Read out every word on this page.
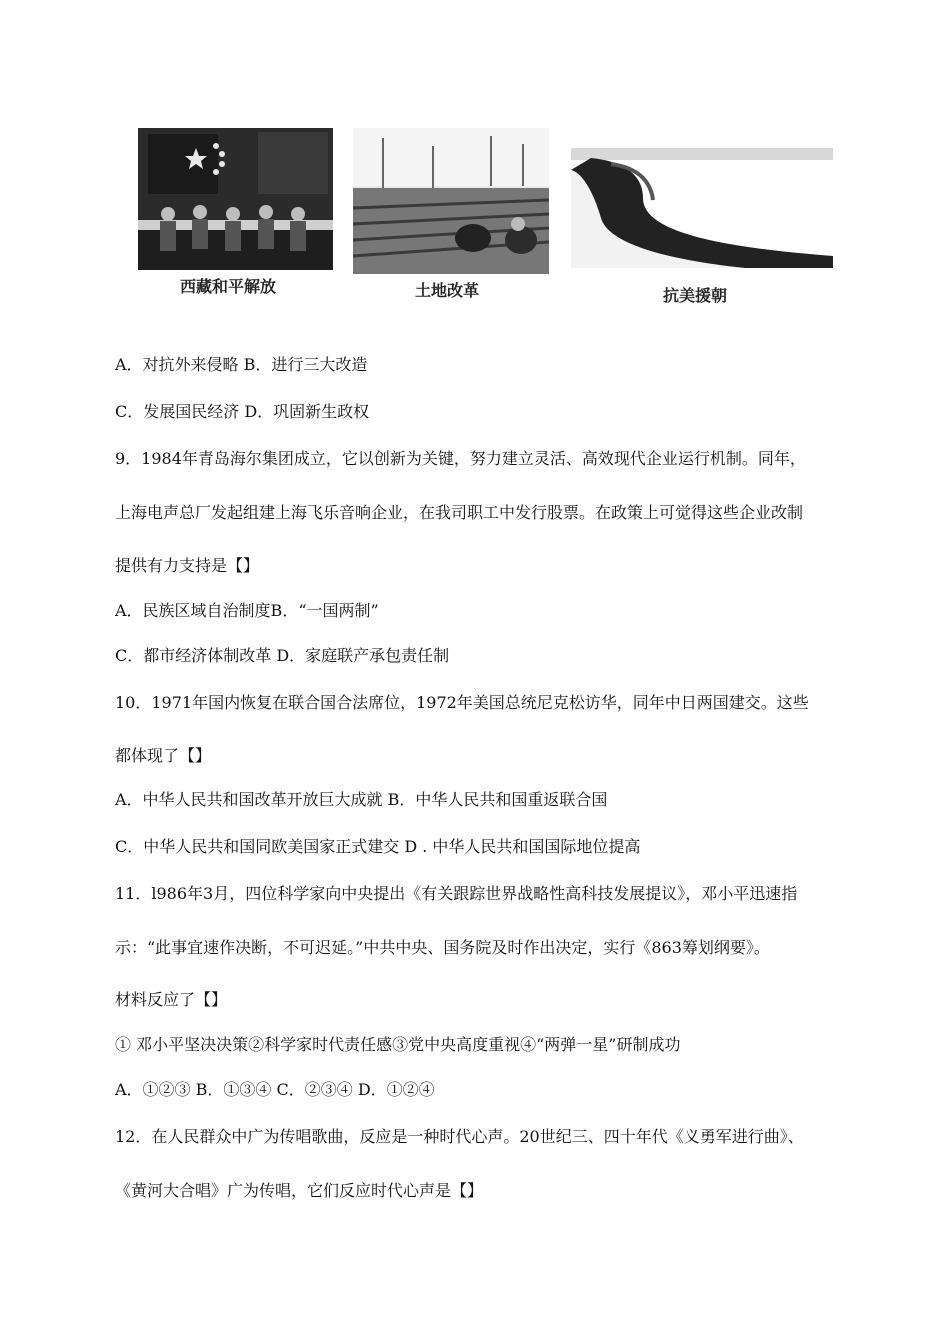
西藏和平解放	土地改革	抗美援朝
A．对抗外来侵略 B．进行三大改造
C．发展国民经济 D．巩固新生政权
9．1984年青岛海尔集团成立，它以创新为关键，努力建立灵活、高效现代企业运行机制。同年，
上海电声总厂发起组建上海飞乐音响企业，在我司职工中发行股票。在政策上可觉得这些企业改制
提供有力支持是【】
A．民族区域自治制度B．“一国两制”
C．都市经济体制改革 D．家庭联产承包责任制
10．1971年国内恢复在联合国合法席位，1972年美国总统尼克松访华，同年中日两国建交。这些
都体现了【】
A．中华人民共和国改革开放巨大成就 B．中华人民共和国重返联合国
C．中华人民共和国同欧美国家正式建交 D . 中华人民共和国国际地位提高
11．l986年3月，四位科学家向中央提出《有关跟踪世界战略性高科技发展提议》，邓小平迅速指
示：“此事宜速作决断，不可迟延。”中共中央、国务院及时作出决定，实行《863筹划纲要》。
材料反应了【】
① 邓小平坚决决策②科学家时代责任感③党中央高度重视④“两弹一星”研制成功
A．①②③ B．①③④ C．②③④ D．①②④
12．在人民群众中广为传唱歌曲，反应是一种时代心声。20世纪三、四十年代《义勇军进行曲》、
《黄河大合唱》广为传唱，它们反应时代心声是【】
